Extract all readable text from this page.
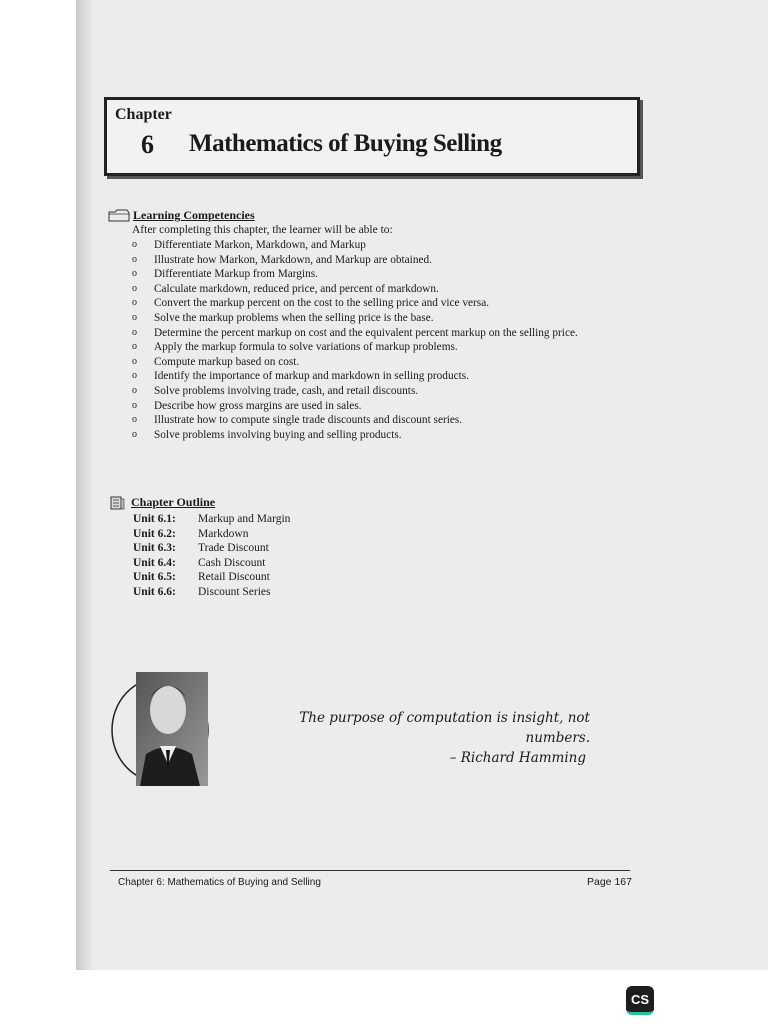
Chapter
6 Mathematics of Buying Selling
Learning Competencies
After completing this chapter, the learner will be able to:
o Differentiate Markon, Markdown, and Markup
o Illustrate how Markon, Markdown, and Markup are obtained.
o Differentiate Markup from Margins.
o Calculate markdown, reduced price, and percent of markdown.
o Convert the markup percent on the cost to the selling price and vice versa.
o Solve the markup problems when the selling price is the base.
o Determine the percent markup on cost and the equivalent percent markup on the selling price.
o Apply the markup formula to solve variations of markup problems.
o Compute markup based on cost.
o Identify the importance of markup and markdown in selling products.
o Solve problems involving trade, cash, and retail discounts.
o Describe how gross margins are used in sales.
o Illustrate how to compute single trade discounts and discount series.
o Solve problems involving buying and selling products.
Chapter Outline
Unit 6.1:	Markup and Margin
Unit 6.2:	Markdown
Unit 6.3:	Trade Discount
Unit 6.4:	Cash Discount
Unit 6.5:	Retail Discount
Unit 6.6:	Discount Series
The purpose of computation is insight, not numbers.
– Richard Hamming
Chapter 6: Mathematics of Buying and Selling	Page 167
CS
